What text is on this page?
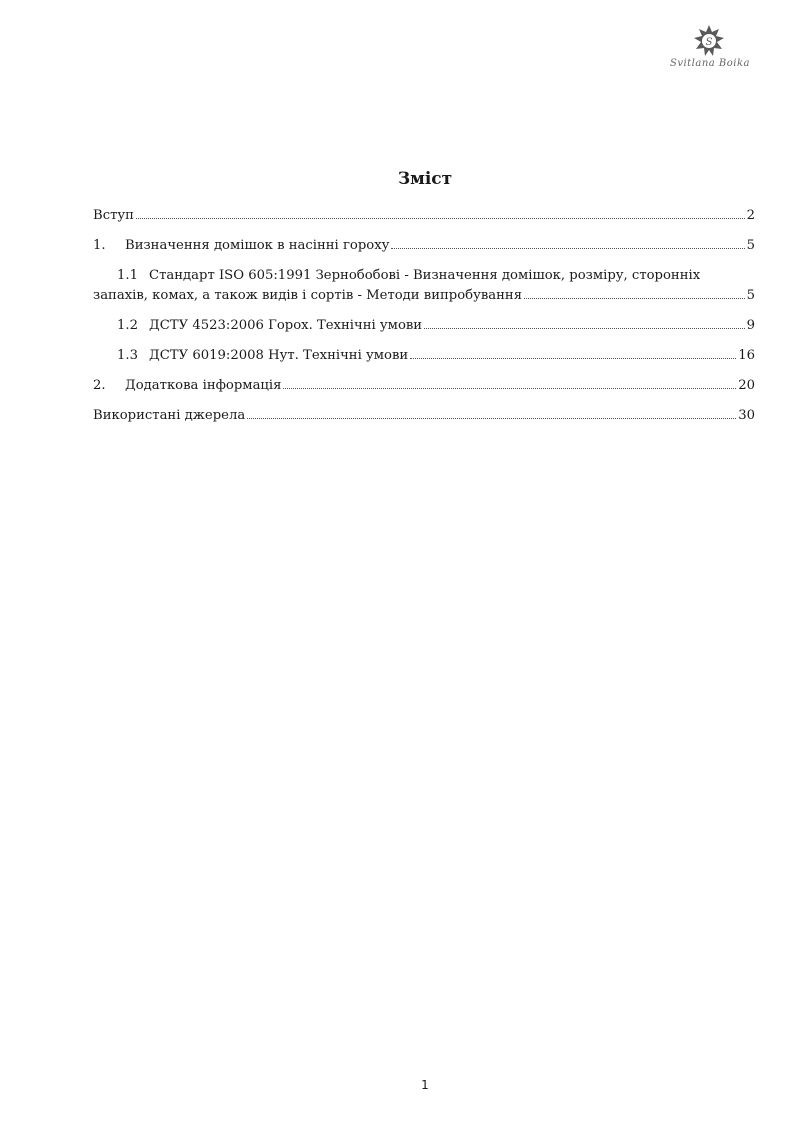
S
Svitlana Boika
Зміст
Вступ	2
1.	Визначення домішок в насінні гороху	5
1.1 Стандарт ISO 605:1991 Зернобобові - Визначення домішок, розміру, сторонніх
запахів, комах, а також видів і сортів - Методи випробування	5
1.2 ДСТУ 4523:2006 Горох. Технічні умови	9
1.3 ДСТУ 6019:2008 Нут. Технічні умови	16
2.	Додаткова інформація	20
Використані джерела	30
1
